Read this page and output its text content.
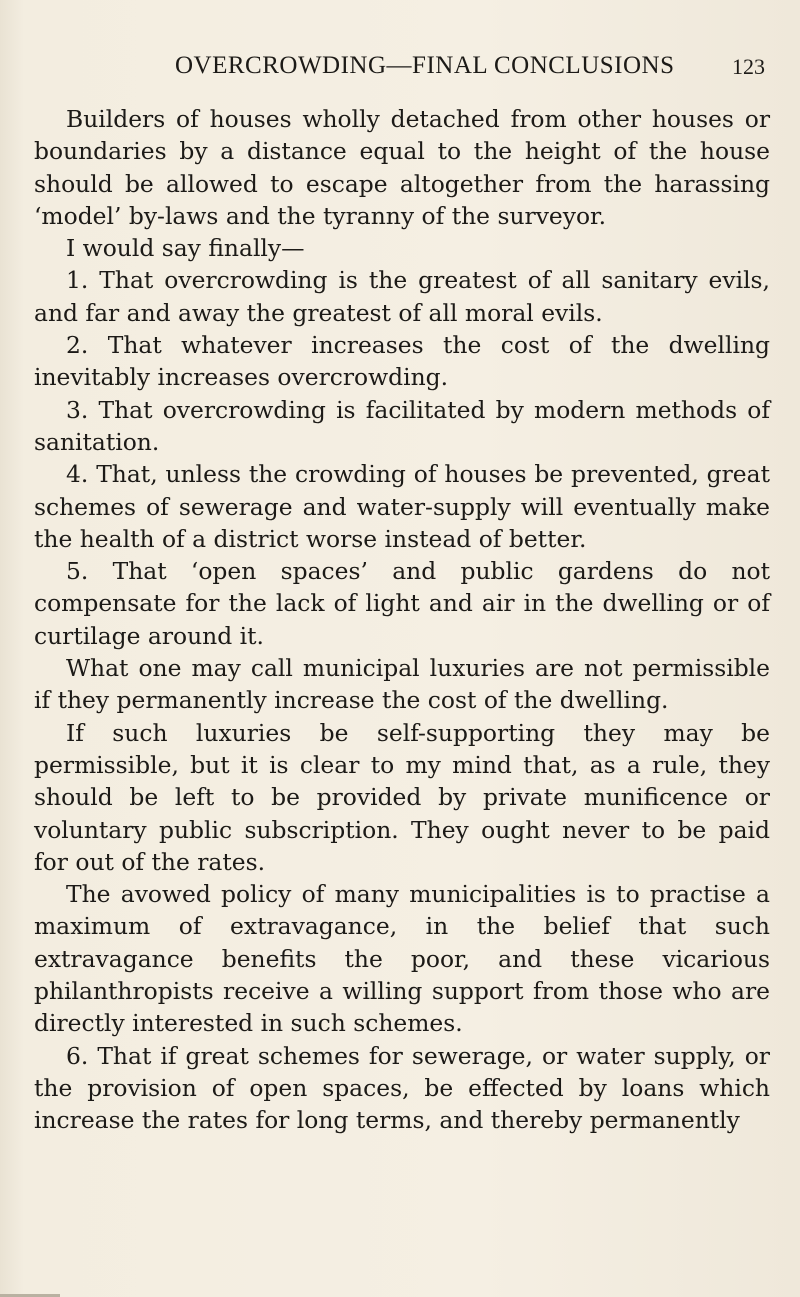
OVERCROWDING—FINAL CONCLUSIONS	123

Builders of houses wholly detached from other houses or boundaries by a distance equal to the height of the house should be allowed to escape altogether from the harassing ‘model’ by-laws and the tyranny of the surveyor.

I would say finally—

1. That overcrowding is the greatest of all sanitary evils, and far and away the greatest of all moral evils.

2. That whatever increases the cost of the dwelling inevitably increases overcrowding.

3. That overcrowding is facilitated by modern methods of sanitation.

4. That, unless the crowding of houses be prevented, great schemes of sewerage and water-supply will eventually make the health of a district worse instead of better.

5. That ‘open spaces’ and public gardens do not compensate for the lack of light and air in the dwelling or of curtilage around it.

What one may call municipal luxuries are not permissible if they permanently increase the cost of the dwelling.

If such luxuries be self-supporting they may be permissible, but it is clear to my mind that, as a rule, they should be left to be provided by private munificence or voluntary public subscription. They ought never to be paid for out of the rates.

The avowed policy of many municipalities is to practise a maximum of extravagance, in the belief that such extravagance benefits the poor, and these vicarious philanthropists receive a willing support from those who are directly interested in such schemes.

6. That if great schemes for sewerage, or water supply, or the provision of open spaces, be effected by loans which increase the rates for long terms, and thereby permanently
